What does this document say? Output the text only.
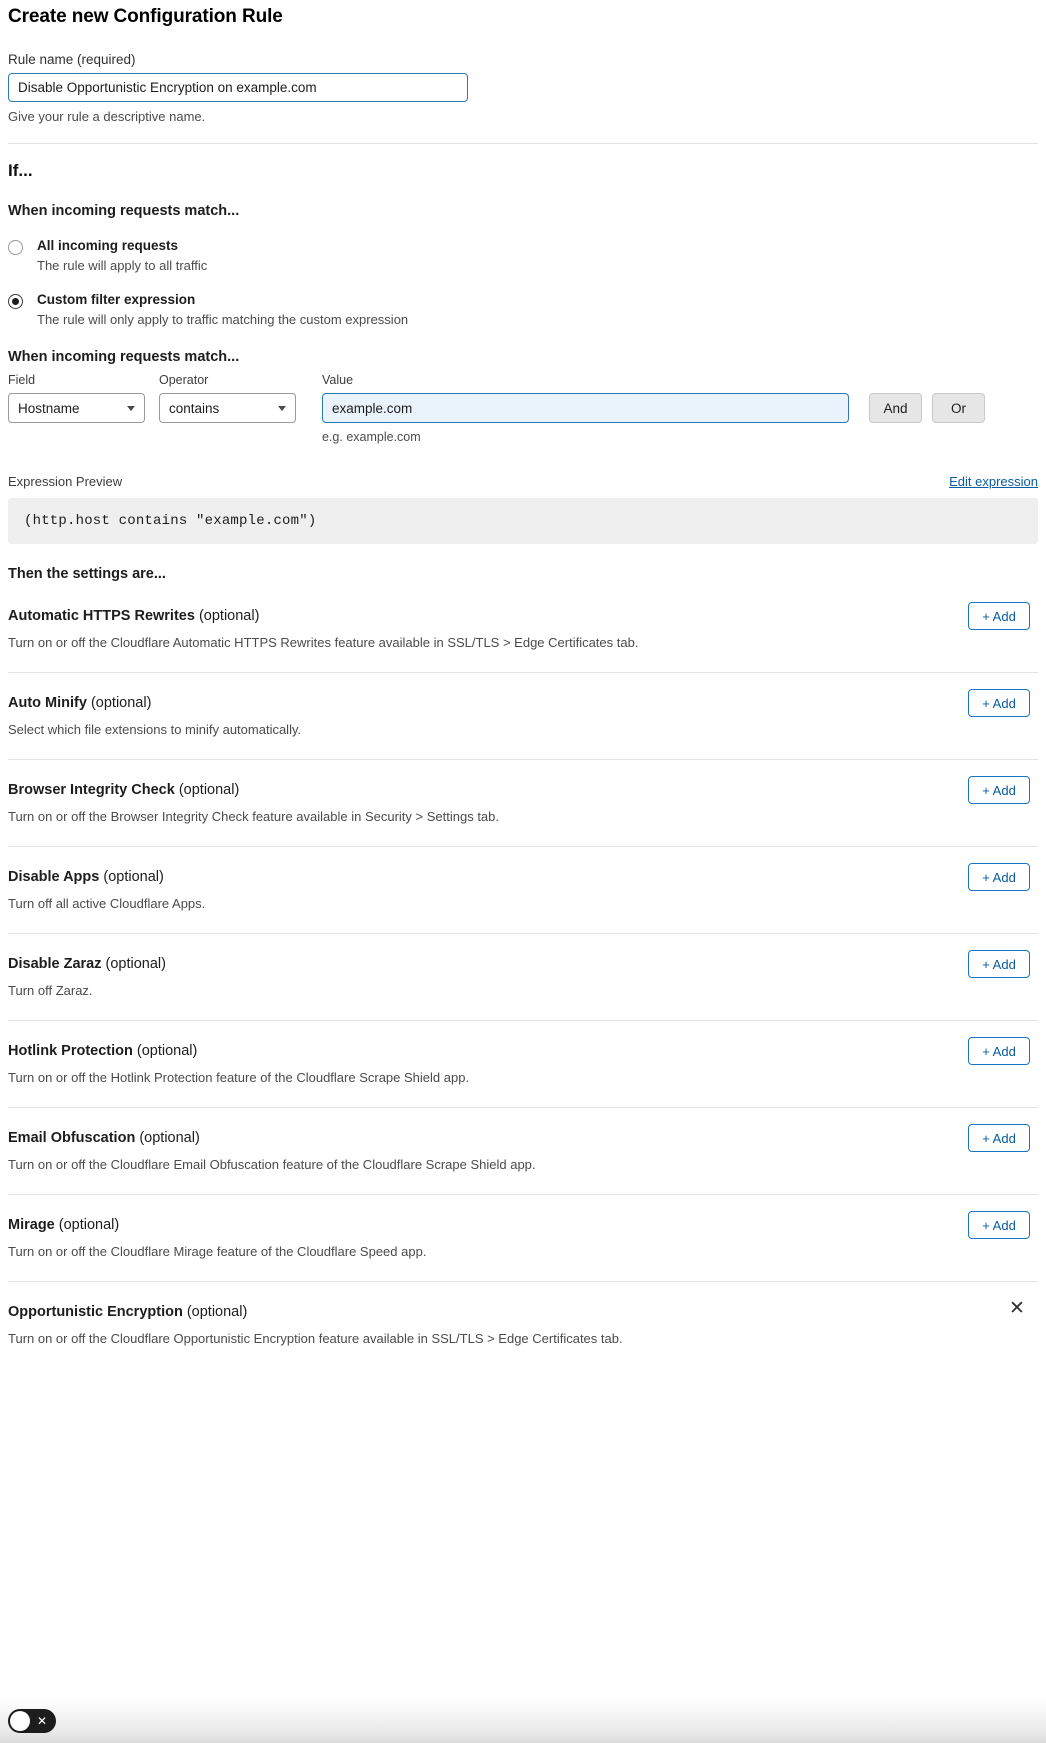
Create new Configuration Rule
Rule name (required)
Disable Opportunistic Encryption on example.com
Give your rule a descriptive name.
If...
When incoming requests match...
All incoming requests
The rule will apply to all traffic
Custom filter expression
The rule will only apply to traffic matching the custom expression
When incoming requests match...
Field
Hostname
Operator
contains
Value
example.com
e.g. example.com

And
	Or
Expression Preview	Edit expression
(http.host contains "example.com")
Then the settings are...
Automatic HTTPS Rewrites (optional)
Turn on or off the Cloudflare Automatic HTTPS Rewrites feature available in SSL/TLS > Edge Certificates tab.
+ Add
Auto Minify (optional)
Select which file extensions to minify automatically.
+ Add
Browser Integrity Check (optional)
Turn on or off the Browser Integrity Check feature available in Security > Settings tab.
+ Add
Disable Apps (optional)
Turn off all active Cloudflare Apps.
+ Add
Disable Zaraz (optional)
Turn off Zaraz.
+ Add
Hotlink Protection (optional)
Turn on or off the Hotlink Protection feature of the Cloudflare Scrape Shield app.
+ Add
Email Obfuscation (optional)
Turn on or off the Cloudflare Email Obfuscation feature of the Cloudflare Scrape Shield app.
+ Add
Mirage (optional)
Turn on or off the Cloudflare Mirage feature of the Cloudflare Speed app.
+ Add
Opportunistic Encryption (optional)
Turn on or off the Cloudflare Opportunistic Encryption feature available in SSL/TLS > Edge Certificates tab.
✕
✕
